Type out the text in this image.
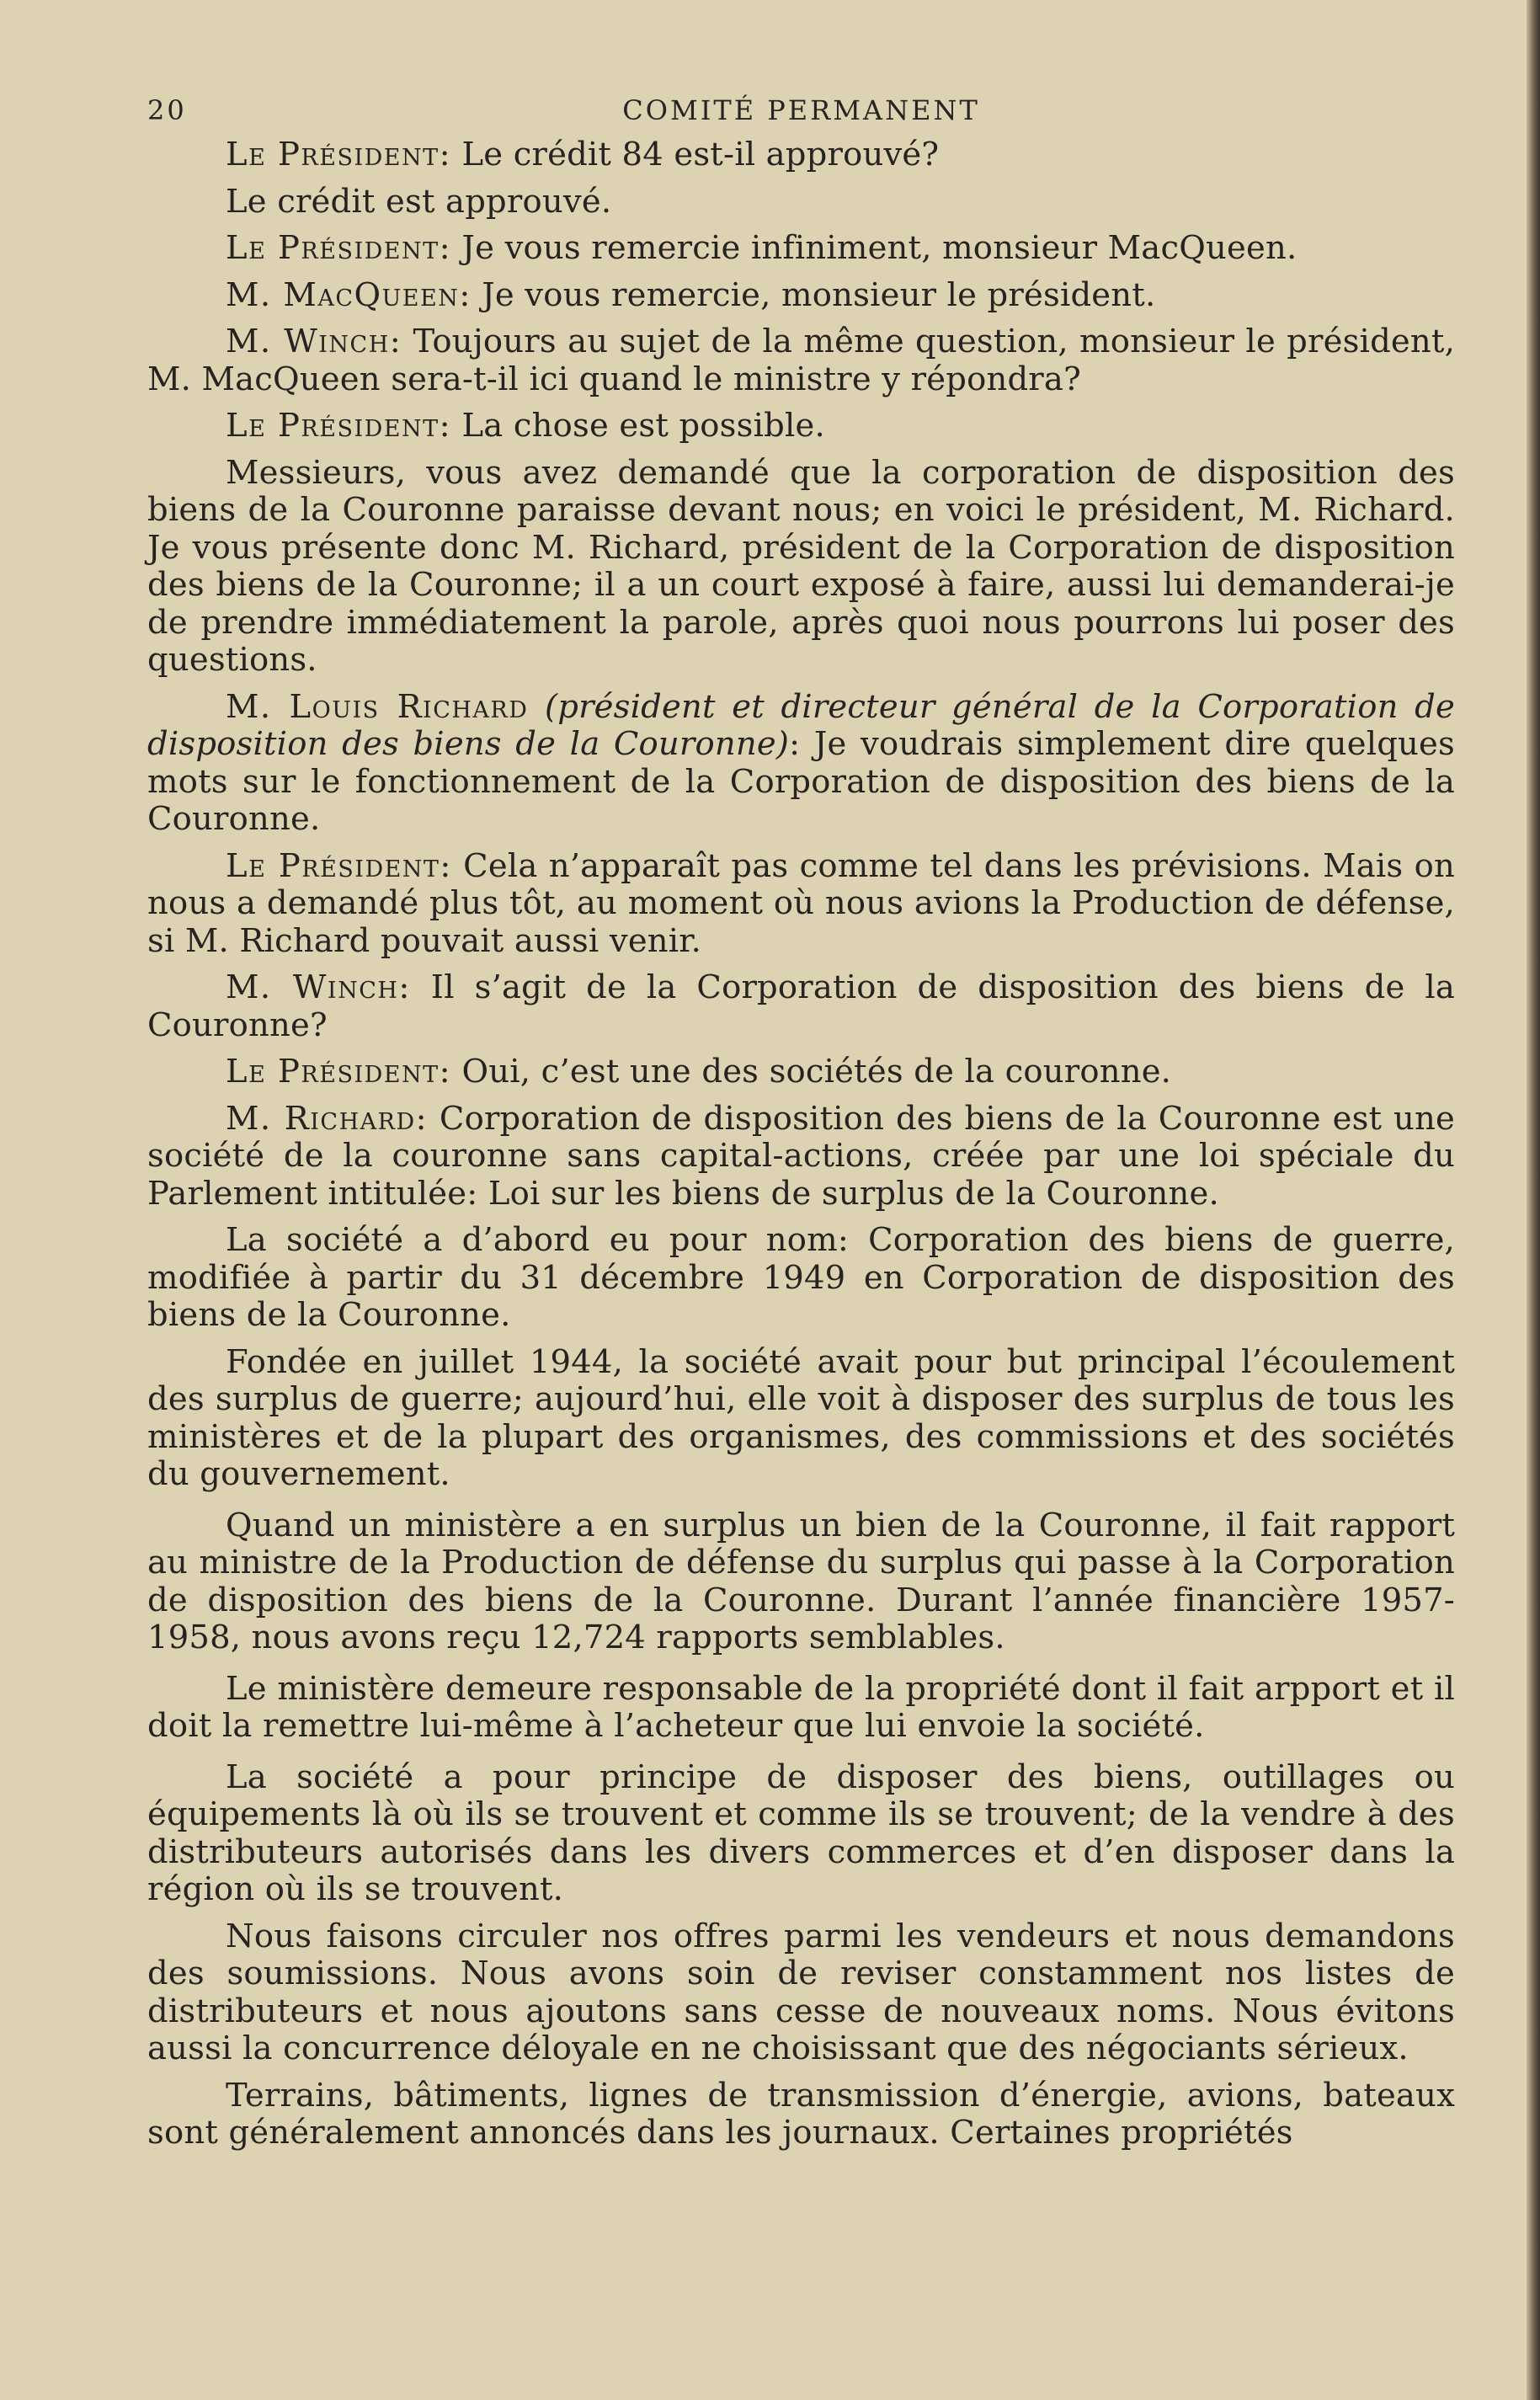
20	COMITÉ PERMANENT

Le Président: Le crédit 84 est-il approuvé?

Le crédit est approuvé.

Le Président: Je vous remercie infiniment, monsieur MacQueen.

M. MacQueen: Je vous remercie, monsieur le président.

M. Winch: Toujours au sujet de la même question, monsieur le président, M. MacQueen sera-t-il ici quand le ministre y répondra?

Le Président: La chose est possible.

Messieurs, vous avez demandé que la corporation de disposition des biens de la Couronne paraisse devant nous; en voici le président, M. Richard. Je vous présente donc M. Richard, président de la Corporation de disposition des biens de la Couronne; il a un court exposé à faire, aussi lui demanderai-je de prendre immédiatement la parole, après quoi nous pourrons lui poser des questions.

M. Louis Richard (président et directeur général de la Corporation de disposition des biens de la Couronne): Je voudrais simplement dire quelques mots sur le fonctionnement de la Corporation de disposition des biens de la Couronne.

Le Président: Cela n’apparaît pas comme tel dans les prévisions. Mais on nous a demandé plus tôt, au moment où nous avions la Production de défense, si M. Richard pouvait aussi venir.

M. Winch: Il s’agit de la Corporation de disposition des biens de la Couronne?

Le Président: Oui, c’est une des sociétés de la couronne.

M. Richard: Corporation de disposition des biens de la Couronne est une société de la couronne sans capital-actions, créée par une loi spéciale du Parlement intitulée: Loi sur les biens de surplus de la Couronne.

La société a d’abord eu pour nom: Corporation des biens de guerre, modifiée à partir du 31 décembre 1949 en Corporation de disposition des biens de la Couronne.

Fondée en juillet 1944, la société avait pour but principal l’écoulement des surplus de guerre; aujourd’hui, elle voit à disposer des surplus de tous les ministères et de la plupart des organismes, des commissions et des sociétés du gouvernement.

Quand un ministère a en surplus un bien de la Couronne, il fait rapport au ministre de la Production de défense du surplus qui passe à la Corporation de disposition des biens de la Couronne. Durant l’année financière 1957-1958, nous avons reçu 12,724 rapports semblables.

Le ministère demeure responsable de la propriété dont il fait arpport et il doit la remettre lui-même à l’acheteur que lui envoie la société.

La société a pour principe de disposer des biens, outillages ou équipements là où ils se trouvent et comme ils se trouvent; de la vendre à des distributeurs autorisés dans les divers commerces et d’en disposer dans la région où ils se trouvent.

Nous faisons circuler nos offres parmi les vendeurs et nous demandons des soumissions. Nous avons soin de reviser constamment nos listes de distributeurs et nous ajoutons sans cesse de nouveaux noms. Nous évitons aussi la concurrence déloyale en ne choisissant que des négociants sérieux.

Terrains, bâtiments, lignes de transmission d’énergie, avions, bateaux sont généralement annoncés dans les journaux. Certaines propriétés
